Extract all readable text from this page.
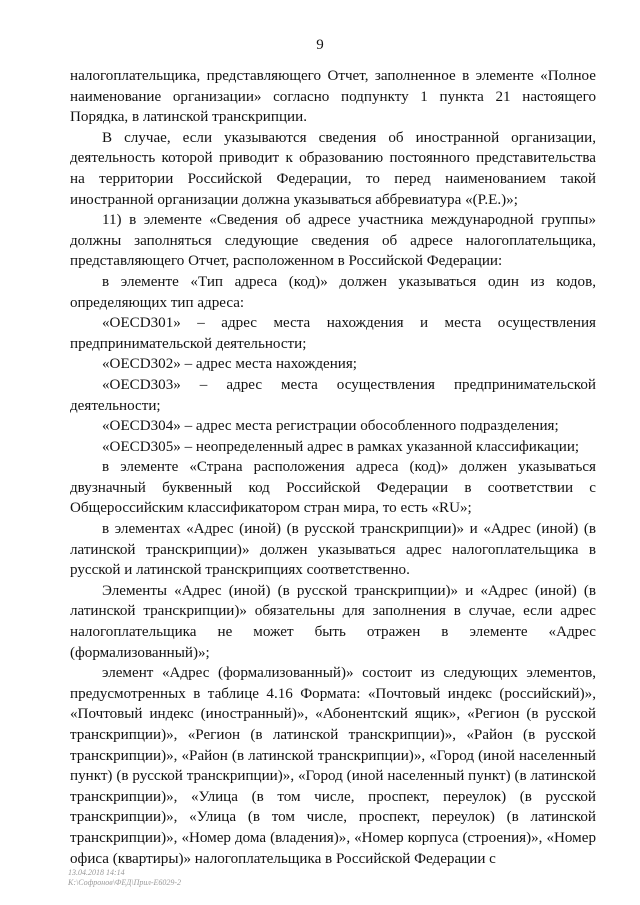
9

налогоплательщика, представляющего Отчет, заполненное в элементе «Полное наименование организации» согласно подпункту 1 пункта 21 настоящего Порядка, в латинской транскрипции.

В случае, если указываются сведения об иностранной организации, деятельность которой приводит к образованию постоянного представительства на территории Российской Федерации, то перед наименованием такой иностранной организации должна указываться аббревиатура «(P.E.)»;

11) в элементе «Сведения об адресе участника международной группы» должны заполняться следующие сведения об адресе налогоплательщика, представляющего Отчет, расположенном в Российской Федерации:

в элементе «Тип адреса (код)» должен указываться один из кодов, определяющих тип адреса:

«OECD301» – адрес места нахождения и места осуществления предпринимательской деятельности;

«OECD302» – адрес места нахождения;

«OECD303» – адрес места осуществления предпринимательской деятельности;

«OECD304» – адрес места регистрации обособленного подразделения;

«OECD305» – неопределенный адрес в рамках указанной классификации;

в элементе «Страна расположения адреса (код)» должен указываться двузначный буквенный код Российской Федерации в соответствии с Общероссийским классификатором стран мира, то есть «RU»;

в элементах «Адрес (иной) (в русской транскрипции)» и «Адрес (иной) (в латинской транскрипции)» должен указываться адрес налогоплательщика в русской и латинской транскрипциях соответственно.

Элементы «Адрес (иной) (в русской транскрипции)» и «Адрес (иной) (в латинской транскрипции)» обязательны для заполнения в случае, если адрес налогоплательщика не может быть отражен в элементе «Адрес (формализованный)»;

элемент «Адрес (формализованный)» состоит из следующих элементов, предусмотренных в таблице 4.16 Формата: «Почтовый индекс (российский)», «Почтовый индекс (иностранный)», «Абонентский ящик», «Регион (в русской транскрипции)», «Регион (в латинской транскрипции)», «Район (в русской транскрипции)», «Район (в латинской транскрипции)», «Город (иной населенный пункт) (в русской транскрипции)», «Город (иной населенный пункт) (в латинской транскрипции)», «Улица (в том числе, проспект, переулок) (в русской транскрипции)», «Улица (в том числе, проспект, переулок) (в латинской транскрипции)», «Номер дома (владения)», «Номер корпуса (строения)», «Номер офиса (квартиры)» налогоплательщика в Российской Федерации с

13.04.2018 14:14
К:\Софронов\ФЕД\Прил-Е6029-2
